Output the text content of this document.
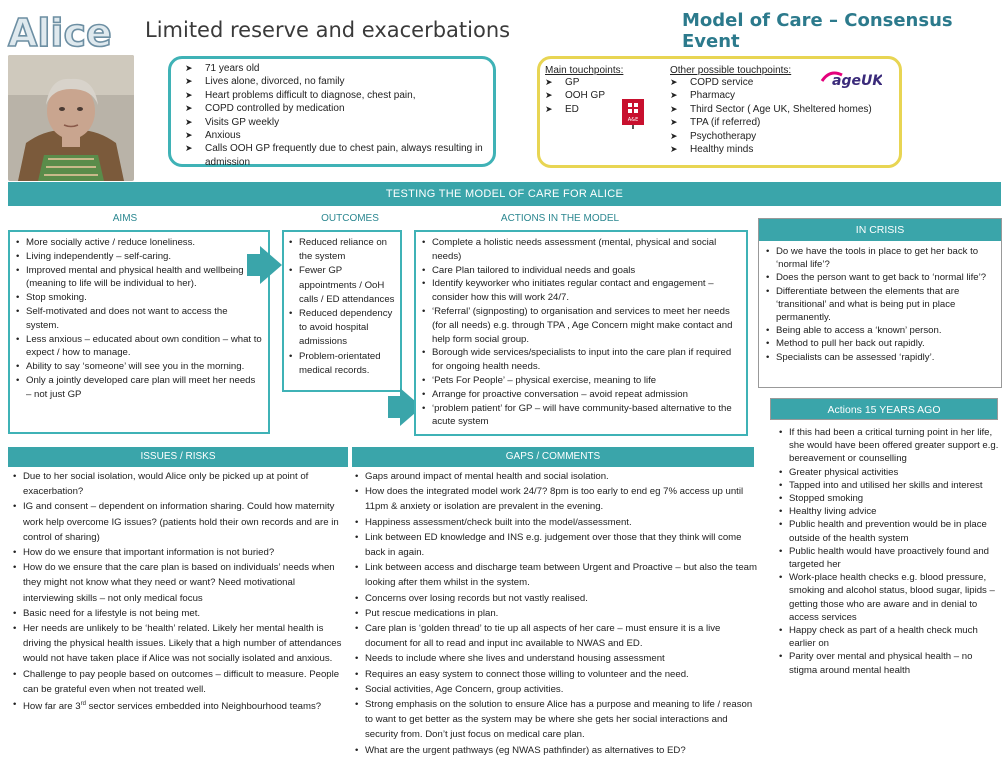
Alice Limited reserve and exacerbations	Model of Care – Consensus Event
➤ 71 years old
➤ Lives alone, divorced, no family
➤ Heart problems difficult to diagnose, chest pain,
➤ COPD controlled by medication
➤ Visits GP weekly
➤ Anxious
➤ Calls OOH GP frequently due to chest pain, always resulting in admission
Main touchpoints:
➤ GP
➤ OOH GP
➤ ED
A&E
Other possible touchpoints:
➤ COPD service
➤ Pharmacy
➤ Third Sector ( Age UK, Sheltered homes)
➤ TPA (if referred)
➤ Psychotherapy
➤ Healthy minds
ageUK
TESTING THE MODEL OF CARE FOR ALICE
AIMS	OUTCOMES	ACTIONS IN THE MODEL
• More socially active / reduce loneliness.
• Living independently – self-caring.
• Improved mental and physical health and wellbeing (meaning to life will be individual to her).
• Stop smoking.
• Self-motivated and does not want to access the system.
• Less anxious – educated about own condition – what to expect / how to manage.
• Ability to say ‘someone’ will see you in the morning.
• Only a jointly developed care plan will meet her needs – not just GP
• Reduced reliance on the system
• Fewer GP appointments / OoH calls / ED attendances
• Reduced dependency to avoid hospital admissions
• Problem-orientated medical records.
• Complete a holistic needs assessment (mental, physical and social needs)
• Care Plan tailored to individual needs and goals
• Identify keyworker who initiates regular contact and engagement – consider how this will work 24/7.
• ‘Referral’ (signposting) to organisation and services to meet her needs (for all needs) e.g. through TPA , Age Concern might make contact and help form social group.
• Borough wide services/specialists to input into the care plan if required for ongoing health needs.
• ‘Pets For People’ – physical exercise, meaning to life
• Arrange for proactive conversation – avoid repeat admission
• ‘problem patient’ for GP – will have community-based alternative to the acute system
IN CRISIS
• Do we have the tools in place to get her back to ‘normal life’?
• Does the person want to get back to ‘normal life’?
• Differentiate between the elements that are ‘transitional’ and what is being put in place permanently.
• Being able to access a ‘known’ person.
• Method to pull her back out rapidly.
• Specialists can be assessed ‘rapidly’.
Actions 15 YEARS AGO
• If this had been a critical turning point in her life, she would have been offered greater support e.g. bereavement or counselling
• Greater physical activities
• Tapped into and utilised her skills and interest
• Stopped smoking
• Healthy living advice
• Public health and prevention would be in place outside of the health system
• Public health would have proactively found and targeted her
• Work-place health checks e.g. blood pressure, smoking and alcohol status, blood sugar, lipids – getting those who are aware and in denial to access services
• Happy check as part of a health check much earlier on
• Parity over mental and physical health – no stigma around mental health
ISSUES / RISKS
• Due to her social isolation, would Alice only be picked up at point of exacerbation?
• IG and consent – dependent on information sharing. Could how maternity work help overcome IG issues? (patients hold their own records and are in control of sharing)
• How do we ensure that important information is not buried?
• How do we ensure that the care plan is based on individuals’ needs when they might not know what they need or want? Need motivational interviewing skills – not only medical focus
• Basic need for a lifestyle is not being met.
• Her needs are unlikely to be ‘health’ related. Likely her mental health is driving the physical health issues. Likely that a high number of attendances would not have taken place if Alice was not socially isolated and anxious.
• Challenge to pay people based on outcomes – difficult to measure. People can be grateful even when not treated well.
• How far are 3rd sector services embedded into Neighbourhood teams?
GAPS / COMMENTS
• Gaps around impact of mental health and social isolation.
• How does the integrated model work 24/7? 8pm is too early to end eg 7% access up until 11pm & anxiety or isolation are prevalent in the evening.
• Happiness assessment/check built into the model/assessment.
• Link between ED knowledge and INS e.g. judgement over those that they think will come back in again.
• Link between access and discharge team between Urgent and Proactive – but also the team looking after them whilst in the system.
• Concerns over losing records but not vastly realised.
• Put rescue medications in plan.
• Care plan is ‘golden thread’ to tie up all aspects of her care – must ensure it is a live document for all to read and input inc available to NWAS and ED.
• Needs to include where she lives and understand housing assessment
• Requires an easy system to connect those willing to volunteer and the need.
• Social activities, Age Concern, group activities.
• Strong emphasis on the solution to ensure Alice has a purpose and meaning to life / reason to want to get better as the system may be where she gets her social interactions and security from. Don’t just focus on medical care plan.
• What are the urgent pathways (eg NWAS pathfinder) as alternatives to ED?
